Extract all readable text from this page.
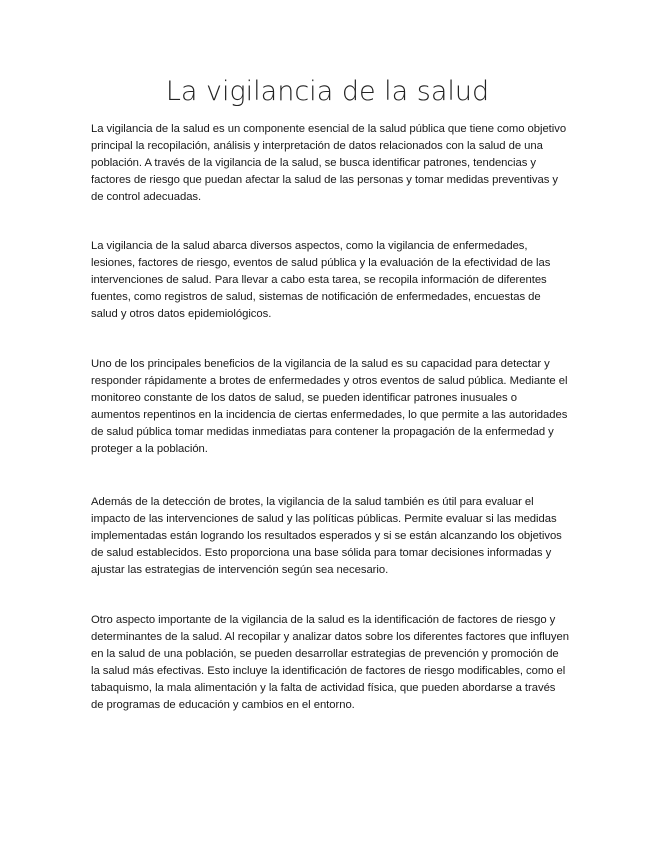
La vigilancia de la salud

La vigilancia de la salud es un componente esencial de la salud pública que tiene como objetivo principal la recopilación, análisis y interpretación de datos relacionados con la salud de una población. A través de la vigilancia de la salud, se busca identificar patrones, tendencias y factores de riesgo que puedan afectar la salud de las personas y tomar medidas preventivas y de control adecuadas.

La vigilancia de la salud abarca diversos aspectos, como la vigilancia de enfermedades, lesiones, factores de riesgo, eventos de salud pública y la evaluación de la efectividad de las intervenciones de salud. Para llevar a cabo esta tarea, se recopila información de diferentes fuentes, como registros de salud, sistemas de notificación de enfermedades, encuestas de salud y otros datos epidemiológicos.

Uno de los principales beneficios de la vigilancia de la salud es su capacidad para detectar y responder rápidamente a brotes de enfermedades y otros eventos de salud pública. Mediante el monitoreo constante de los datos de salud, se pueden identificar patrones inusuales o aumentos repentinos en la incidencia de ciertas enfermedades, lo que permite a las autoridades de salud pública tomar medidas inmediatas para contener la propagación de la enfermedad y proteger a la población.

Además de la detección de brotes, la vigilancia de la salud también es útil para evaluar el impacto de las intervenciones de salud y las políticas públicas. Permite evaluar si las medidas implementadas están logrando los resultados esperados y si se están alcanzando los objetivos de salud establecidos. Esto proporciona una base sólida para tomar decisiones informadas y ajustar las estrategias de intervención según sea necesario.

Otro aspecto importante de la vigilancia de la salud es la identificación de factores de riesgo y determinantes de la salud. Al recopilar y analizar datos sobre los diferentes factores que influyen en la salud de una población, se pueden desarrollar estrategias de prevención y promoción de la salud más efectivas. Esto incluye la identificación de factores de riesgo modificables, como el tabaquismo, la mala alimentación y la falta de actividad física, que pueden abordarse a través de programas de educación y cambios en el entorno.
